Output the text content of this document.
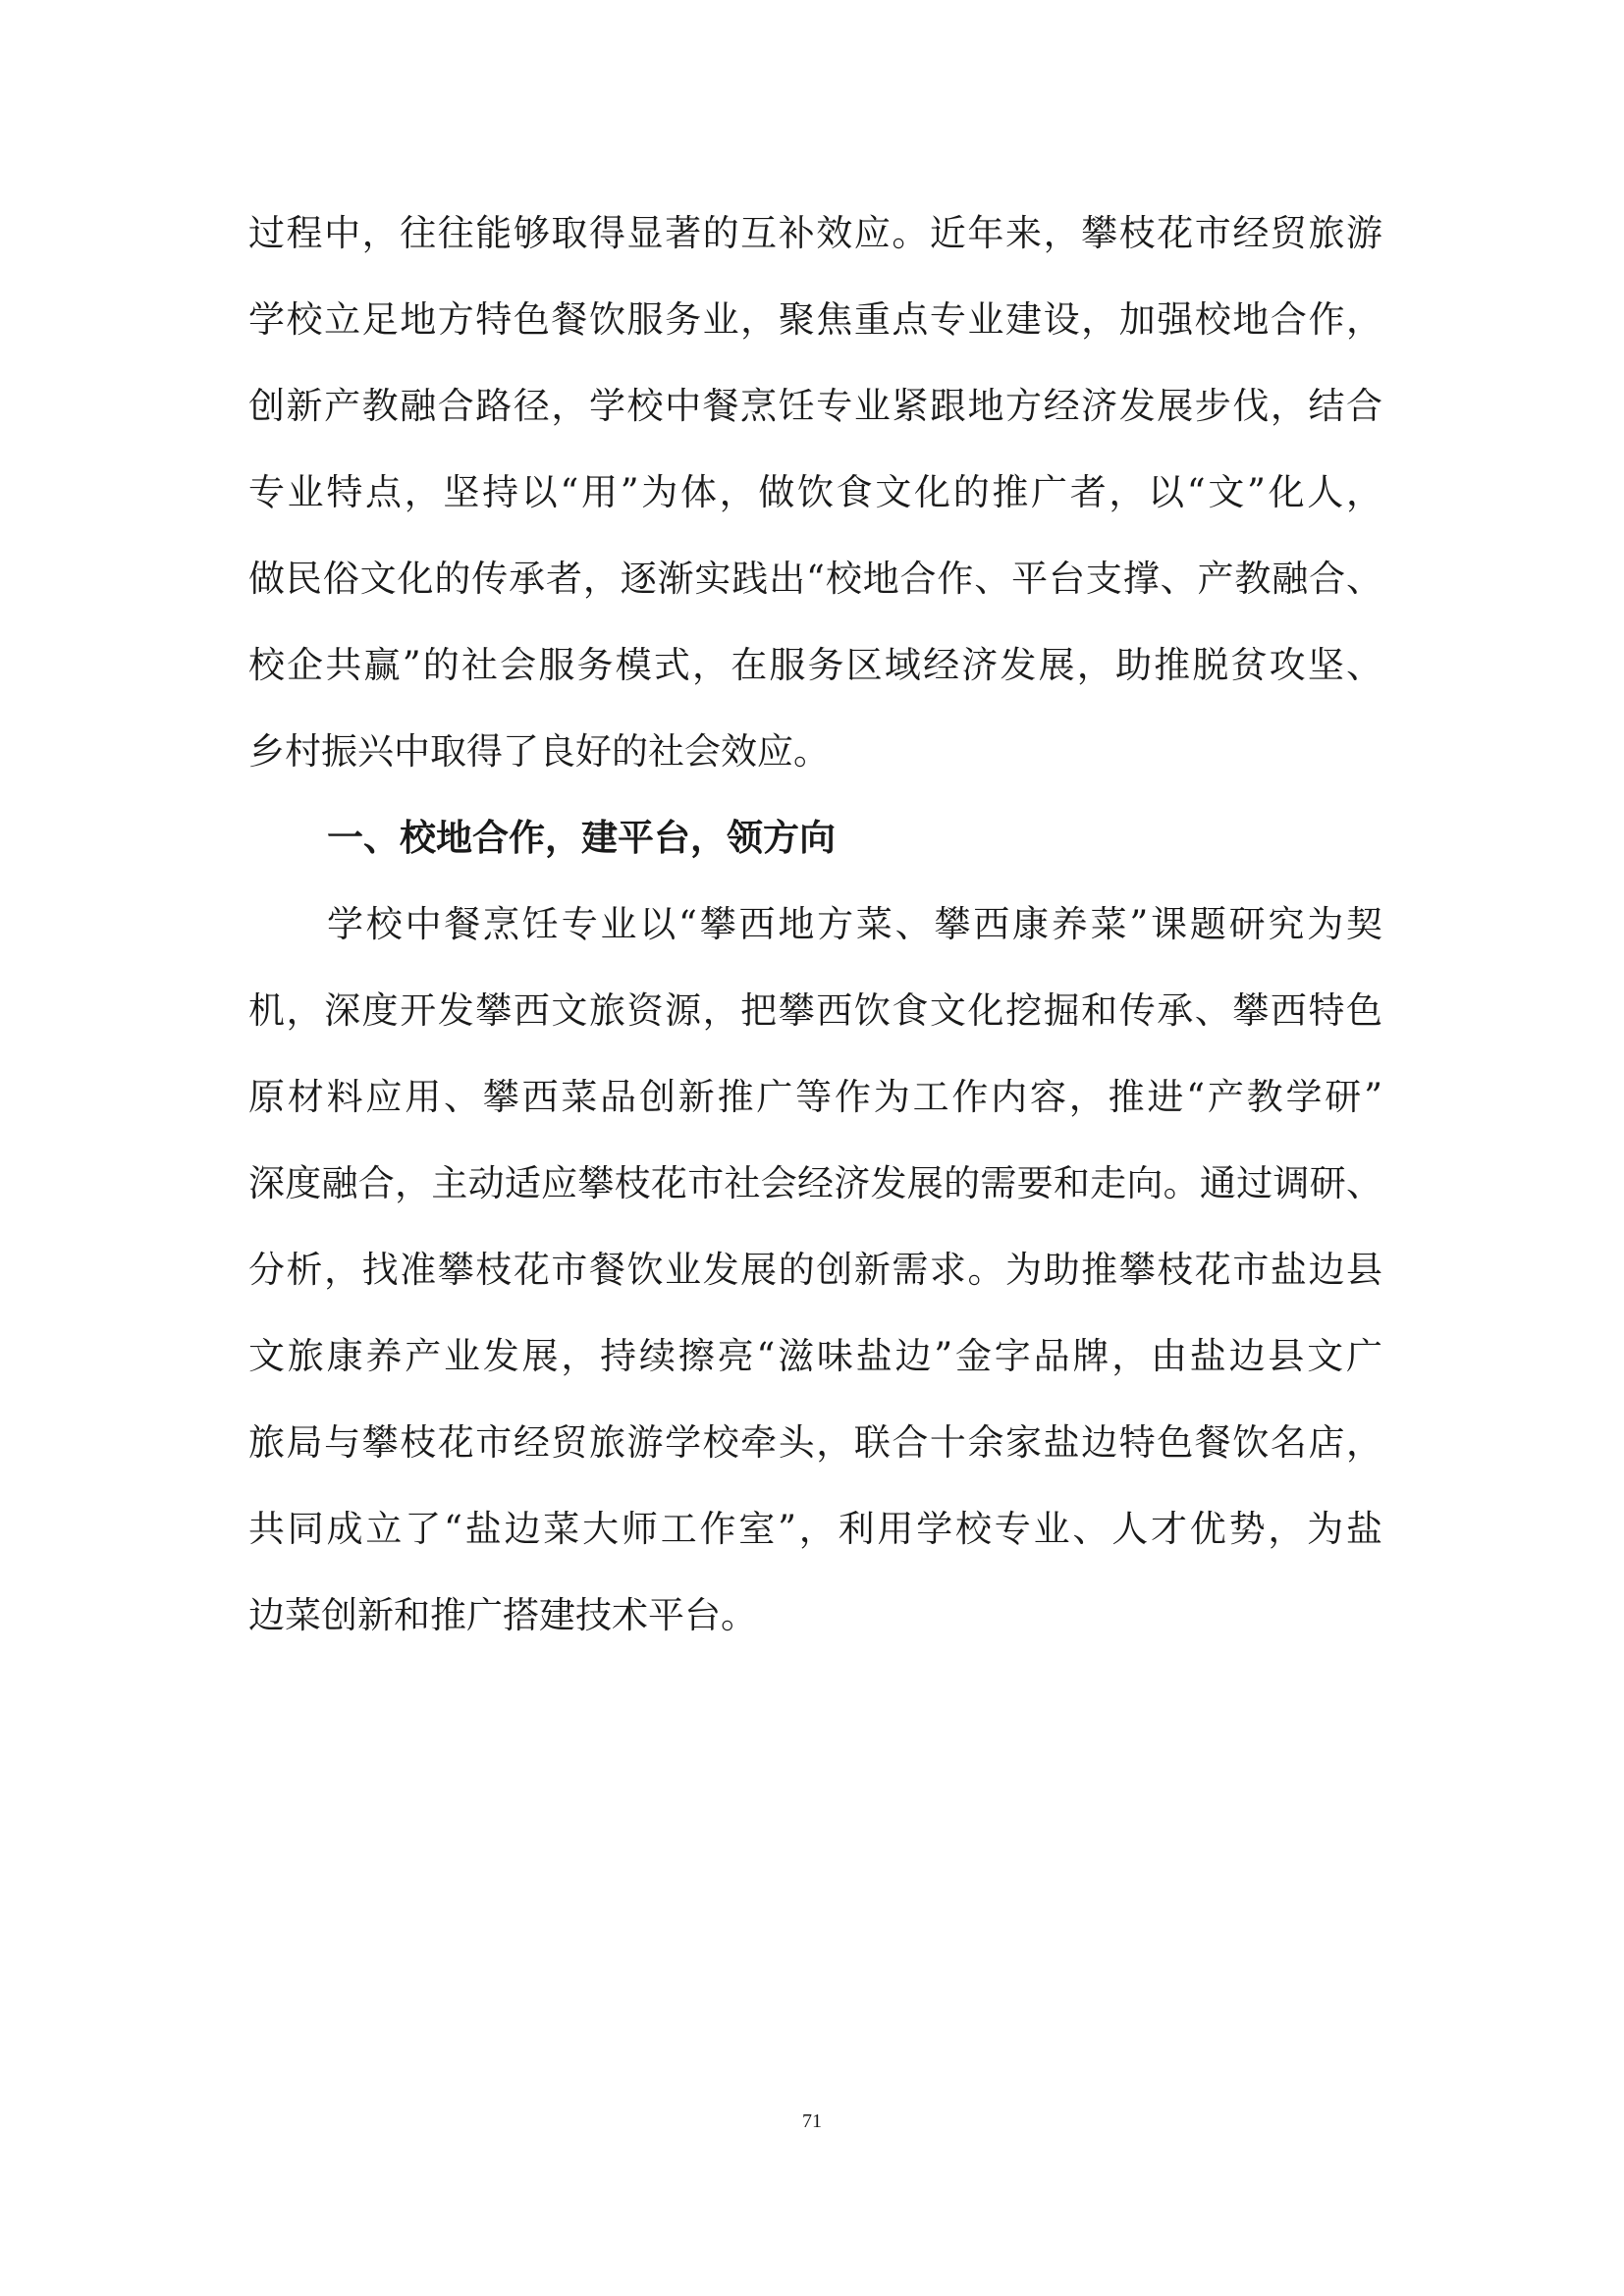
过程中，往往能够取得显著的互补效应。近年来，攀枝花市经贸旅游
学校立足地方特色餐饮服务业，聚焦重点专业建设，加强校地合作，
创新产教融合路径，学校中餐烹饪专业紧跟地方经济发展步伐，结合
专业特点，坚持以“用”为体，做饮食文化的推广者，以“文”化人，
做民俗文化的传承者，逐渐实践出“校地合作、平台支撑、产教融合、
校企共赢”的社会服务模式，在服务区域经济发展，助推脱贫攻坚、
乡村振兴中取得了良好的社会效应。
一、校地合作，建平台，领方向
学校中餐烹饪专业以“攀西地方菜、攀西康养菜”课题研究为契
机，深度开发攀西文旅资源，把攀西饮食文化挖掘和传承、攀西特色
原材料应用、攀西菜品创新推广等作为工作内容，推进“产教学研”
深度融合，主动适应攀枝花市社会经济发展的需要和走向。通过调研、
分析，找准攀枝花市餐饮业发展的创新需求。为助推攀枝花市盐边县
文旅康养产业发展，持续擦亮“滋味盐边”金字品牌，由盐边县文广
旅局与攀枝花市经贸旅游学校牵头，联合十余家盐边特色餐饮名店，
共同成立了“盐边菜大师工作室”，利用学校专业、人才优势，为盐
边菜创新和推广搭建技术平台。
71
